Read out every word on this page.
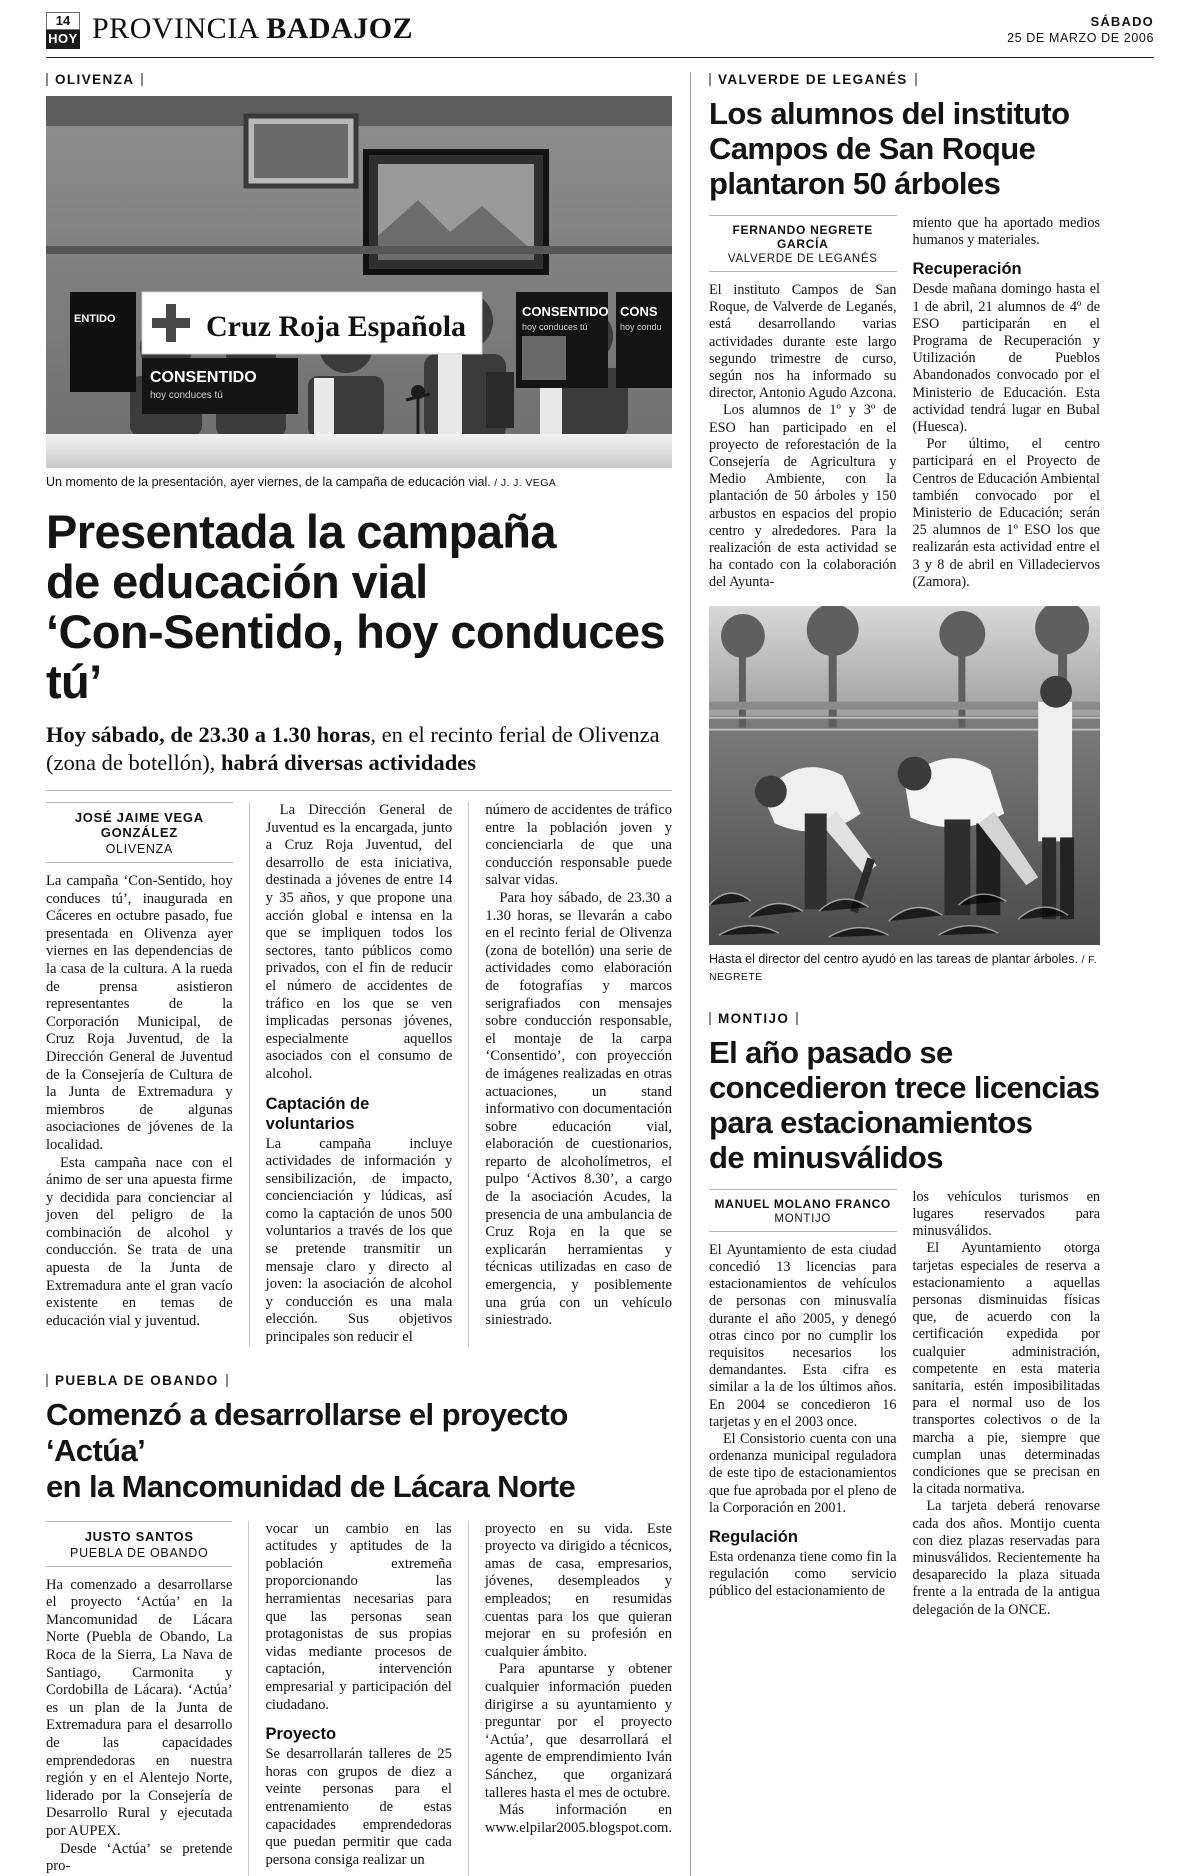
14
HOY PROVINCIA BADAJOZ	SÁBADO
25 DE MARZO DE 2006
OLIVENZA
Cruz Roja Española
ENTIDO
CONSENTIDO
hoy conduces tú
CONSENTIDO
hoy conduces tú
CONS
hoy condu
Un momento de la presentación, ayer viernes, de la campaña de educación vial. / J. J. VEGA
Presentada la campaña
de educación vial
‘Con-Sentido, hoy conduces tú’
Hoy sábado, de 23.30 a 1.30 horas, en el recinto ferial de Olivenza (zona de botellón), habrá diversas actividades
JOSÉ JAIME VEGA GONZÁLEZ
OLIVENZA

La campaña ‘Con-Sentido, hoy conduces tú’, inaugurada en Cáceres en octubre pasado, fue presentada en Olivenza ayer viernes en las dependencias de la casa de la cultura. A la rueda de prensa asistieron representantes de la Corporación Municipal, de Cruz Roja Juventud, de la Dirección General de Juventud de la Consejería de Cultura de la Junta de Extremadura y miembros de algunas asociaciones de jóvenes de la localidad.

Esta campaña nace con el ánimo de ser una apuesta firme y decidida para concienciar al joven del peligro de la combinación de alcohol y conducción. Se trata de una apuesta de la Junta de Extremadura ante el gran vacío existente en temas de educación vial y juventud.

La Dirección General de Juventud es la encargada, junto a Cruz Roja Juventud, del desarrollo de esta iniciativa, destinada a jóvenes de entre 14 y 35 años, y que propone una acción global e intensa en la que se impliquen todos los sectores, tanto públicos como privados, con el fin de reducir el número de accidentes de tráfico en los que se ven implicadas personas jóvenes, especialmente aquellos asociados con el consumo de alcohol.

Captación de voluntarios

La campaña incluye actividades de información y sensibilización, de impacto, concienciación y lúdicas, así como la captación de unos 500 voluntarios a través de los que se pretende transmitir un mensaje claro y directo al joven: la asociación de alcohol y conducción es una mala elección. Sus objetivos principales son reducir el

número de accidentes de tráfico entre la población joven y concienciarla de que una conducción responsable puede salvar vidas.

Para hoy sábado, de 23.30 a 1.30 horas, se llevarán a cabo en el recinto ferial de Olivenza (zona de botellón) una serie de actividades como elaboración de fotografías y marcos serigrafiados con mensajes sobre conducción responsable, el montaje de la carpa ‘Consentido’, con proyección de imágenes realizadas en otras actuaciones, un stand informativo con documentación sobre educación vial, elaboración de cuestionarios, reparto de alcoholímetros, el pulpo ‘Activos 8.30’, a cargo de la asociación Acudes, la presencia de una ambulancia de Cruz Roja en la que se explicarán herramientas y técnicas utilizadas en caso de emergencia, y posiblemente una grúa con un vehículo siniestrado.

PUEBLA DE OBANDO
Comenzó a desarrollarse el proyecto ‘Actúa’
en la Mancomunidad de Lácara Norte
JUSTO SANTOS
PUEBLA DE OBANDO

Ha comenzado a desarrollarse el proyecto ‘Actúa’ en la Mancomunidad de Lácara Norte (Puebla de Obando, La Roca de la Sierra, La Nava de Santiago, Carmonita y Cordobilla de Lácara). ‘Actúa’ es un plan de la Junta de Extremadura para el desarrollo de las capacidades emprendedoras en nuestra región y en el Alentejo Norte, liderado por la Consejería de Desarrollo Rural y ejecutada por AUPEX.

Desde ‘Actúa’ se pretende pro-

vocar un cambio en las actitudes y aptitudes de la población extremeña proporcionando las herramientas necesarias para que las personas sean protagonistas de sus propias vidas mediante procesos de captación, intervención empresarial y participación del ciudadano.

Proyecto

Se desarrollarán talleres de 25 horas con grupos de diez a veinte personas para el entrenamiento de estas capacidades emprendedoras que puedan permitir que cada persona consiga realizar un

proyecto en su vida. Este proyecto va dirigido a técnicos, amas de casa, empresarios, jóvenes, desempleados y empleados; en resumidas cuentas para los que quieran mejorar en su profesión en cualquier ámbito.

Para apuntarse y obtener cualquier información pueden dirigirse a su ayuntamiento y preguntar por el proyecto ‘Actúa’, que desarrollará el agente de emprendimiento Iván Sánchez, que organizará talleres hasta el mes de octubre.

Más información en www.elpilar2005.blogspot.com.

VALVERDE DE LEGANÉS
Los alumnos del instituto
Campos de San Roque
plantaron 50 árboles
FERNANDO NEGRETE GARCÍA
VALVERDE DE LEGANÉS

El instituto Campos de San Roque, de Valverde de Leganés, está desarrollando varias actividades durante este largo segundo trimestre de curso, según nos ha informado su director, Antonio Agudo Azcona.

Los alumnos de 1º y 3º de ESO han participado en el proyecto de reforestación de la Consejería de Agricultura y Medio Ambiente, con la plantación de 50 árboles y 150 arbustos en espacios del propio centro y alrededores. Para la realización de esta actividad se ha contado con la colaboración del Ayunta-

miento que ha aportado medios humanos y materiales.

Recuperación

Desde mañana domingo hasta el 1 de abril, 21 alumnos de 4º de ESO participarán en el Programa de Recuperación y Utilización de Pueblos Abandonados convocado por el Ministerio de Educación. Esta actividad tendrá lugar en Bubal (Huesca).

Por último, el centro participará en el Proyecto de Centros de Educación Ambiental también convocado por el Ministerio de Educación; serán 25 alumnos de 1º ESO los que realizarán esta actividad entre el 3 y 8 de abril en Villadeciervos (Zamora).

Hasta el director del centro ayudó en las tareas de plantar árboles. / F. NEGRETE
MONTIJO
El año pasado se
concedieron trece licencias
para estacionamientos
de minusválidos
MANUEL MOLANO FRANCO
MONTIJO

El Ayuntamiento de esta ciudad concedió 13 licencias para estacionamientos de vehículos de personas con minusvalía durante el año 2005, y denegó otras cinco por no cumplir los requisitos necesarios los demandantes. Esta cifra es similar a la de los últimos años. En 2004 se concedieron 16 tarjetas y en el 2003 once.

El Consistorio cuenta con una ordenanza municipal reguladora de este tipo de estacionamientos que fue aprobada por el pleno de la Corporación en 2001.

Regulación

Esta ordenanza tiene como fin la regulación como servicio público del estacionamiento de

los vehículos turismos en lugares reservados para minusválidos.

El Ayuntamiento otorga tarjetas especiales de reserva a estacionamiento a aquellas personas disminuidas físicas que, de acuerdo con la certificación expedida por cualquier administración, competente en esta materia sanitaria, estén imposibilitadas para el normal uso de los transportes colectivos o de la marcha a pie, siempre que cumplan unas determinadas condiciones que se precisan en la citada normativa.

La tarjeta deberá renovarse cada dos años. Montijo cuenta con diez plazas reservadas para minusválidos. Recientemente ha desaparecido la plaza situada frente a la entrada de la antigua delegación de la ONCE.
